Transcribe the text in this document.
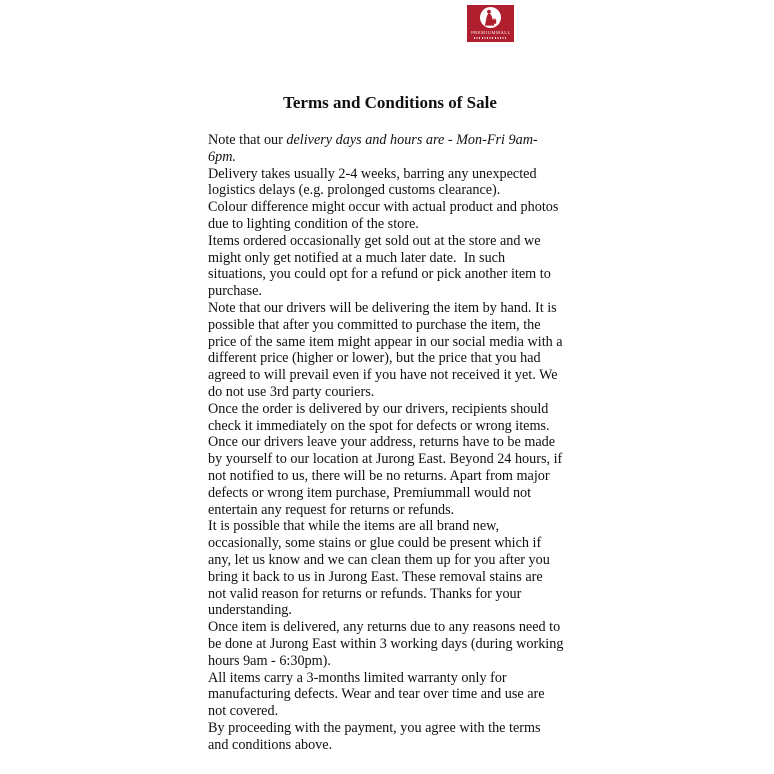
PREMIUMMALL
Terms and Conditions of Sale
Note that our delivery days and hours are - Mon-Fri 9am-
6pm.
Delivery takes usually 2-4 weeks, barring any unexpected
logistics delays (e.g. prolonged customs clearance).
Colour difference might occur with actual product and photos
due to lighting condition of the store.
Items ordered occasionally get sold out at the store and we
might only get notified at a much later date.  In such
situations, you could opt for a refund or pick another item to
purchase.
Note that our drivers will be delivering the item by hand. It is
possible that after you committed to purchase the item, the
price of the same item might appear in our social media with a
different price (higher or lower), but the price that you had
agreed to will prevail even if you have not received it yet. We
do not use 3rd party couriers.
Once the order is delivered by our drivers, recipients should
check it immediately on the spot for defects or wrong items.
Once our drivers leave your address, returns have to be made
by yourself to our location at Jurong East. Beyond 24 hours, if
not notified to us, there will be no returns. Apart from major
defects or wrong item purchase, Premiummall would not
entertain any request for returns or refunds.
It is possible that while the items are all brand new,
occasionally, some stains or glue could be present which if
any, let us know and we can clean them up for you after you
bring it back to us in Jurong East. These removal stains are
not valid reason for returns or refunds. Thanks for your
understanding.
Once item is delivered, any returns due to any reasons need to
be done at Jurong East within 3 working days (during working
hours 9am - 6:30pm).
All items carry a 3-months limited warranty only for
manufacturing defects. Wear and tear over time and use are
not covered.
By proceeding with the payment, you agree with the terms
and conditions above.
